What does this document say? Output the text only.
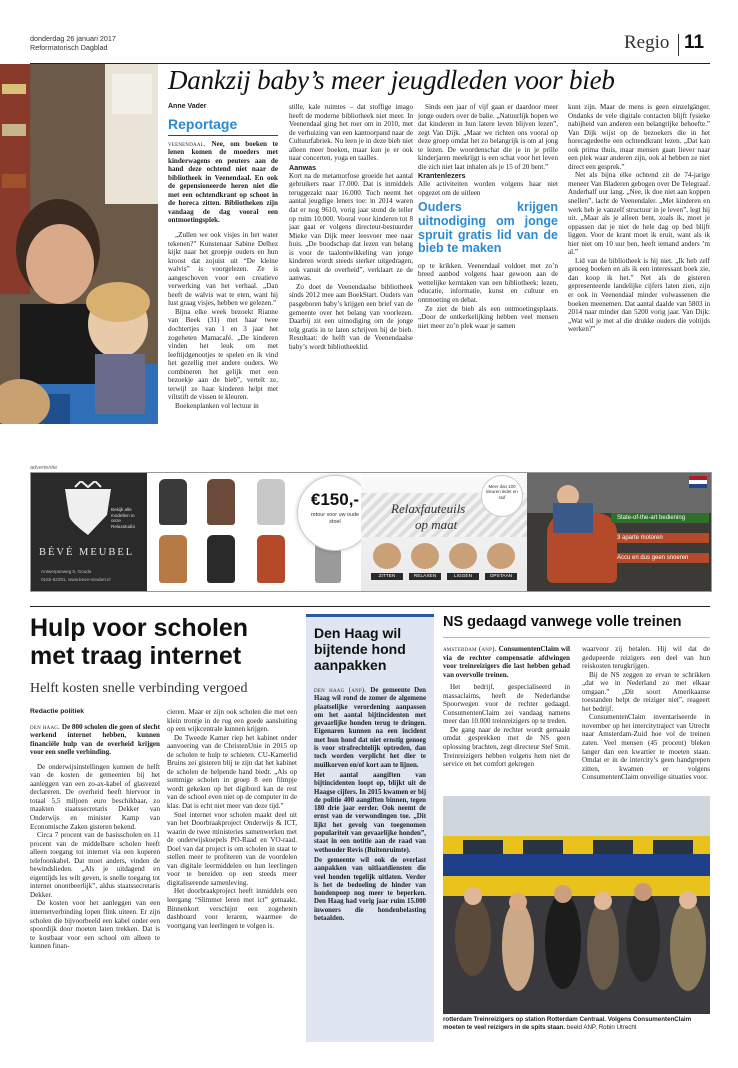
donderdag 26 januari 2017
Reformatorisch Dagblad	Regio 11
Dankzij baby’s meer jeugdleden voor bieb
Anne Vader
Reportage

veenendaal. Nee, om boeken te lenen komen de moeders met kinderwagens en peuters aan de hand deze ochtend niet naar de bibliotheek in Veenendaal. En ook de gepensioneerde heren niet die met een ochtendkrant op schoot in de horeca zitten. Bibliotheken zijn vandaag de dag vooral een ontmoetingsplek.

„Zullen we ook visjes in het water tekenen?” Kunstenaar Sabine Delhez kijkt naar het groepje ouders en hun kroost dat zojuist uit “De kleine walvis” is voorgelezen. Ze is aangeschoven voor een creatieve verwerking van het verhaal. „Dan heeft de walvis wat te eten, want hij lust graag visjes, hebben we gelezen.”

Bijna elke week bezoekt Rianne van Beek (31) met haar twee dochtertjes van 1 en 3 jaar het zogeheten Mamacafé. „De kinderen vinden het leuk om met leeftijdgenootjes te spelen en ik vind het gezellig met andere ouders. We combineren het gelijk met een bezoekje aan de bieb”, vertelt ze, terwijl ze haar kinderen helpt met viltstift de vissen te kleuren.

Boekenplanken vol lectuur in

stille, kale ruimtes – dat stoffige imago heeft de moderne bibliotheek niet meer. In Veenendaal ging het roer om in 2010, met de verhuizing van een kantoorpand naar de Cultuurfabriek. Nu leen je in deze bieb niet alleen meer boeken, maar kun je er ook naar concerten, yoga en taalles.

Aanwas

Kort na de metamorfose groeide het aantal gebruikers naar 17.000. Dat is inmiddels teruggezakt naar 16.000. Toch neemt het aantal jeugdige leners toe: in 2014 waren dat er nog 9610, vorig jaar stond de teller op ruim 10.000. Vooral voor kinderen tot 8 jaar gaat er volgens directeur-bestuurder Mieke van Dijk meer leesvoer mee naar huis. „De boodschap dat lezen van belang is voor de taalontwikkeling van jonge kinderen wordt steeds sterker uitgedragen, ook vanuit de overheid”, verklaart ze de aanwas.

Zo doet de Veenendaalse bibliotheek sinds 2012 mee aan BoekStart. Ouders van pasgeboren baby’s krijgen een brief van de gemeente over het belang van voorlezen. Daarbij zit een uitnodiging om de jonge telg gratis in te laten schrijven bij de bieb. Resultaat: de helft van de Veenendaalse baby’s wordt bibliotheeklid.

Sinds een jaar of vijf gaan er daardoor meer jonge ouders over de balie. „Natuurlijk hopen we dat kinderen in hun latere leven blijven lezen”, zegt Van Dijk. „Maar we richten ons vooral op deze groep omdat het zo belangrijk is om al jong te lezen. De woordenschat die je in je prille kinderjaren meekrijgt is een schat voor het leven die zich niet laat inhalen als je 15 of 20 bent.”

Krantenlezers

Alle activiteiten worden volgens haar niet opgezet om de uitleen

Ouders krijgen uitnodiging om jonge spruit gratis lid van de bieb te maken

op te krikken. Veenendaal voldoet met zo’n breed aanbod volgens haar gewoon aan de wettelijke kerntaken van een bibliotheek: lezen, educatie, informatie, kunst en cultuur en ontmoeting en debat.

Ze ziet de bieb als een ontmoetingsplaats. „Door de ontkerkelijking hebben veel mensen niet meer zo’n plek waar je samen

kunt zijn. Maar de mens is geen einzelgänger. Ondanks de vele digitale contacten blijft fysieke nabijheid van anderen een belangrijke behoefte.” Van Dijk wijst op de bezoekers die in het horecagedeelte een ochtendkrant lezen. „Dat kan ook prima thuis, maar mensen gaan liever naar een plek waar anderen zijn, ook al hebben ze niet direct een gesprek.”

Net als bijna elke ochtend zit de 74-jarige meneer Van Bladeren gebogen over De Telegraaf. Anderhalf uur lang. „Nee, ik doe niet aan koppen snellen”, lacht de Veenendaler. „Met kinderen en werk heb je vanzelf structuur in je leven”, legt hij uit. „Maar als je alleen bent, zoals ik, moet je oppassen dat je niet de hele dag op bed blijft liggen. Voor de krant moet ik eruit, want als ik hier niet om 10 uur ben, heeft iemand anders ’m al.”

Lid van de bibliotheek is hij niet. „Ik heb zelf genoeg boeken en als ik een interessant boek zie, dan koop ik het.” Net als de gisteren gepresenteerde landelijke cijfers laten zien, zijn er ook in Veenendaal minder volwassenen die boeken meenemen. Dat aantal daalde van 5803 in 2014 naar minder dan 5200 vorig jaar. Van Dijk: „Wat wil je met al die drukke ouders die voltijds werken?”

advertentie
Bekijk alle modellen in onze Relaxstudio
BÉVÉ MEUBEL
Antwerpseweg 9, Gouda
0182-62281, www.beve-meubel.nl
€150,-
retour voor uw oude stoel
Relaxfauteuils
op maat
ZITTEN	RELAXEN	LIGGEN	OPSTAAN
Meer dan 100 kleuren leder en stof
State-of-the-art bediening
3 aparte motoren
Accu en dus geen snoeren
Hulp voor scholen met traag internet
Helft kosten snelle verbinding vergoed
Redactie politiek

den haag. De 800 scholen die geen of slecht werkend internet hebben, kunnen financiële hulp van de overheid krijgen voor een snelle verbinding.

De onderwijsinstellingen kunnen de helft van de kosten de gemeenten bij het aanleggen van een zo-ax-kabel of glasvezel declareren. De overheid heeft hiervoor in totaal 5,5 miljoen euro beschikbaar, zo maakten staatssecretaris Dekker van Onderwijs en minister Kamp van Economische Zaken gisteren bekend.

Circa 7 procent van de basisscholen en 11 procent van de middelbare scholen heeft alleen toegang tot internet via een koperen telefoonkabel. Dat moet anders, vinden de bewindslieden. „Als je uitdagend en eigentijds les wilt geven, is snelle toegang tot internet onontbeerlijk”, aldus staatssecretaris Dekker.

De kosten voor het aanleggen van een internetverbinding lopen flink uiteen. Er zijn scholen die bijvoorbeeld een kabel onder een spoordijk door moeten laten trekken. Dat is te kostbaar voor een school om alleen te kunnen finan-

cieren. Maar er zijn ook scholen die met een klein trontje in de rug een goede aansluiting op een wijkcentrale kunnen krijgen.

De Tweede Kamer riep het kabinet onder aanvoering van de ChristenUnie in 2015 op de scholen te hulp te schieten. CU-Kamerlid Bruins zei gisteren blij te zijn dat het kabinet de scholen de helpende hand biedt. „Als op sommige scholen in groep 8 een filmpje wordt gekeken op het digibord kan de rest van de school even niet op de computer in de klas. Dat is echt niet meer van deze tijd.”

Snel internet voor scholen maakt deel uit van het Doorbraakproject Onderwijs & ICT, waarin de twee ministeries samenwerken met de onderwijskoepels PO-Raad en VO-raad. Doel van dat project is om scholen in staat te stellen meer te profiteren van de voordelen van digitale leermiddelen en hun leerlingen voor te bereiden op een steeds meer digitaliserende samenleving.

Het doorbraakproject heeft inmiddels een leergang “Slimmer leren met ict” gemaakt. Binnenkort verschijnt een zogeheten dashboard voor leraren, waarmee de voortgang van leerlingen te volgen is.

Den Haag wil bijtende hond aanpakken

den haag (anp). De gemeente Den Haag wil rond de zomer de algemene plaatselijke verordening aanpassen om het aantal bijtincidenten met gevaarlijke honden terug te dringen. Eigenaren kunnen na een incident met hun hond dat niet ernstig genoeg is voor strafrechtelijk optreden, dan toch worden verplicht het dier te muilkorven en/of kort aan te lijnen.

Het aantal aangiften van bijtincidenten loopt op, blijkt uit de Haagse cijfers. In 2015 kwamen er bij de politie 400 aangiften binnen, tegen 180 drie jaar eerder. Ook neemt de ernst van de verwondingen toe. „Dit lijkt het gevolg van toegenomen populariteit van gevaarlijke honden”, staat in een notitie aan de raad van wethouder Revis (Buitenruimte).

De gemeente wil ook de overlast aanpakken van uitlaatdiensten die veel honden tegelijk uitlaten. Verder is het de bedoeling de hinder van hondenpoep nog meer te beperken. Den Haag had vorig jaar ruim 15.000 inwoners die hondenbelasting betaalden.

NS gedaagd vanwege volle treinen

amsterdam (anp). ConsumentenClaim wil via de rechter compensatie afdwingen voor treinreizigers die last hebben gehad van overvolle treinen.

Het bedrijf, gespecialiseerd in massaclaims, heeft de Nederlandse Spoorwegen voor de rechter gedaagd. ConsumentenClaim zei vandaag namens meer dan 10.000 treinreizigers op te treden.

De gang naar de rechter wordt gemaakt omdat gesprekken met de NS geen oplossing brachten, zegt directeur Stef Smit. Treinreizigers hebben volgens hem niet de service en het comfort gekregen

waarvoor zij betalen. Hij wil dat de gedupeerde reizigers een deel van hun reiskosten terugkrijgen.

Bij de NS zeggen ze ervan te schrikken „dat we in Nederland zo met elkaar omgaan.” „Dit soort Amerikaanse toestanden helpt de reiziger niet”, reageert het bedrijf.

ConsumentenClaim inventariseerde in november op het intercitytraject van Utrecht naar Amsterdam-Zuid hoe vol de treinen zaten. Veel mensen (45 procent) bleken langer dan een kwartier te moeten staan. Omdat er in de intercity’s geen handgrepen zitten, kwamen er volgens ConsumentenClaim onveilige situaties voor.

rotterdam Treinreizigers op station Rotterdam Centraal. Volgens ConsumentenClaim moeten te veel reizigers in de spits staan. beeld ANP, Robin Utrecht
